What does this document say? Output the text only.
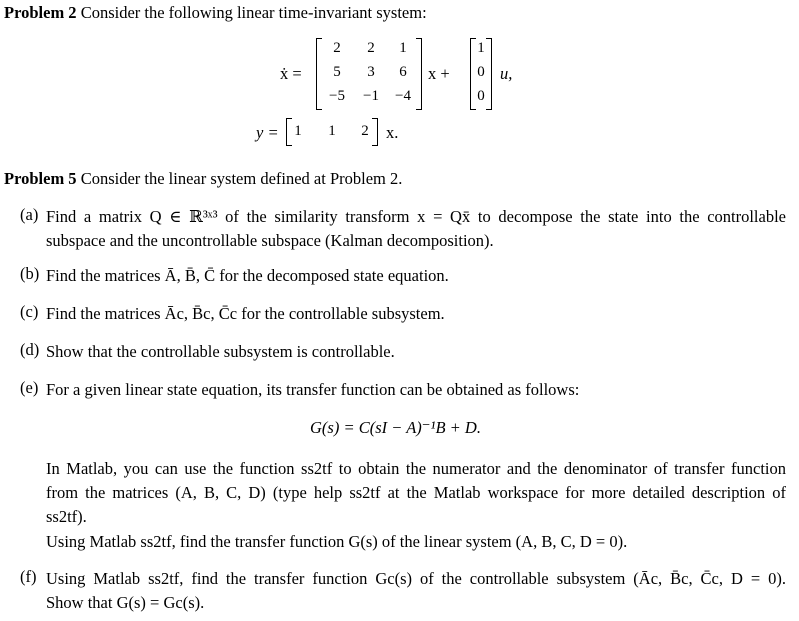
Problem 2 Consider the following linear time-invariant system:
ẋ =
2	2	1
5	3	6
−5	−1	−4
x +
1
0
0
u,
y =	1	1	2	x.
Problem 5 Consider the linear system defined at Problem 2.
(a) Find a matrix Q ∈ ℝ³ˣ³ of the similarity transform x = Qx̄ to decompose the state into the controllable
subspace and the uncontrollable subspace (Kalman decomposition).
(b) Find the matrices Ā, B̄, C̄ for the decomposed state equation.
(c) Find the matrices Āc, B̄c, C̄c for the controllable subsystem.
(d) Show that the controllable subsystem is controllable.
(e) For a given linear state equation, its transfer function can be obtained as follows:
G(s) = C(sI − A)⁻¹B + D.
In Matlab, you can use the function ss2tf to obtain the numerator and the denominator of transfer function
from the matrices (A, B, C, D) (type help ss2tf at the Matlab workspace for more detailed description of
ss2tf).
Using Matlab ss2tf, find the transfer function G(s) of the linear system (A, B, C, D = 0).
(f) Using Matlab ss2tf, find the transfer function Gc(s) of the controllable subsystem (Āc, B̄c, C̄c, D = 0).
Show that G(s) = Gc(s).
